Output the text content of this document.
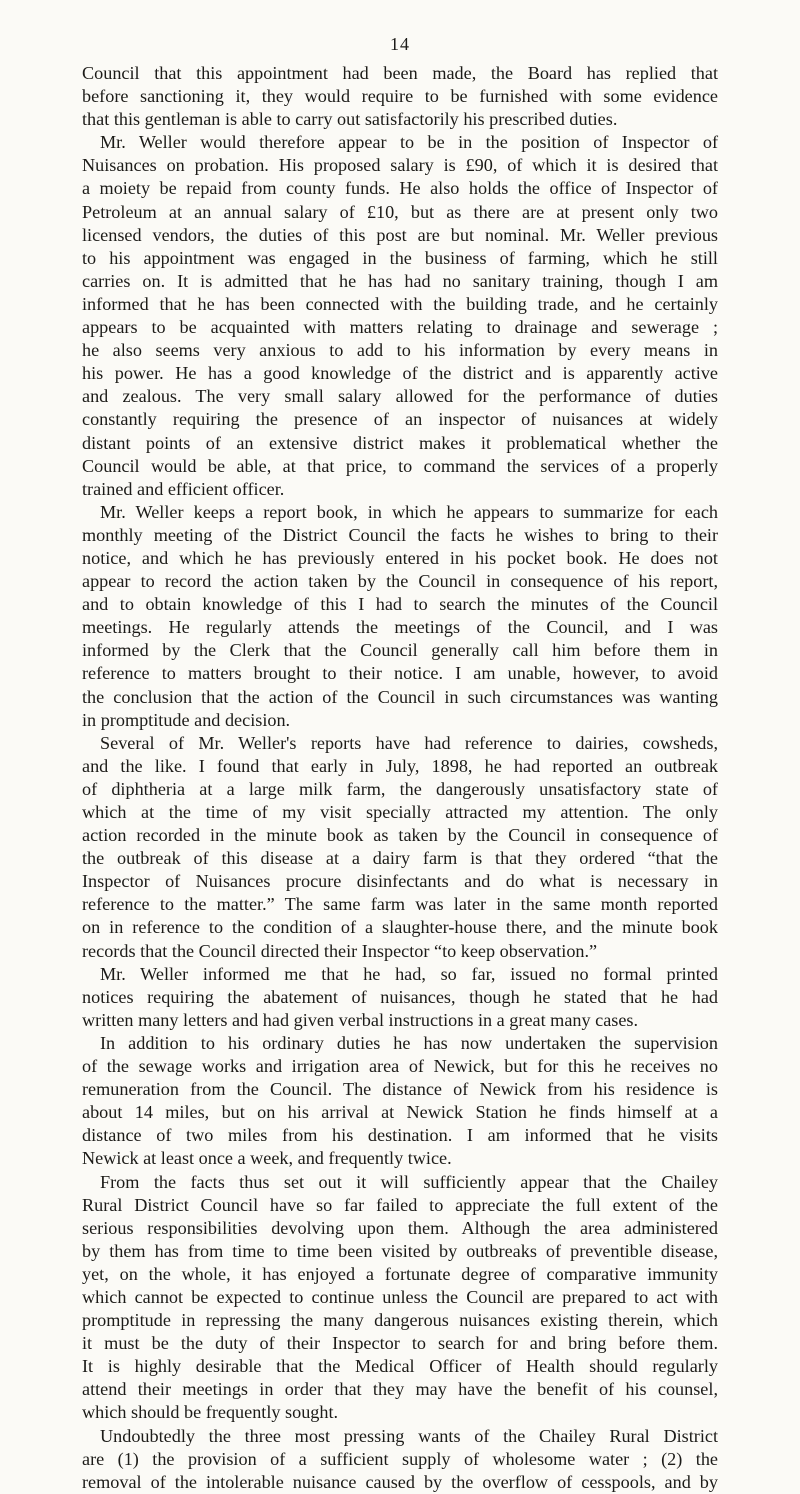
14
Council that this appointment had been made, the Board has replied that
before sanctioning it, they would require to be furnished with some evidence
that this gentleman is able to carry out satisfactorily his prescribed duties.
Mr. Weller would therefore appear to be in the position of Inspector of
Nuisances on probation. His proposed salary is £90, of which it is desired that
a moiety be repaid from county funds. He also holds the office of Inspector of
Petroleum at an annual salary of £10, but as there are at present only two
licensed vendors, the duties of this post are but nominal. Mr. Weller previous
to his appointment was engaged in the business of farming, which he still
carries on. It is admitted that he has had no sanitary training, though I am
informed that he has been connected with the building trade, and he certainly
appears to be acquainted with matters relating to drainage and sewerage ;
he also seems very anxious to add to his information by every means in
his power. He has a good knowledge of the district and is apparently active
and zealous. The very small salary allowed for the performance of duties
constantly requiring the presence of an inspector of nuisances at widely
distant points of an extensive district makes it problematical whether the
Council would be able, at that price, to command the services of a properly
trained and efficient officer.
Mr. Weller keeps a report book, in which he appears to summarize for each
monthly meeting of the District Council the facts he wishes to bring to their
notice, and which he has previously entered in his pocket book. He does not
appear to record the action taken by the Council in consequence of his report,
and to obtain knowledge of this I had to search the minutes of the Council
meetings. He regularly attends the meetings of the Council, and I was
informed by the Clerk that the Council generally call him before them in
reference to matters brought to their notice. I am unable, however, to avoid
the conclusion that the action of the Council in such circumstances was wanting
in promptitude and decision.
Several of Mr. Weller's reports have had reference to dairies, cowsheds,
and the like. I found that early in July, 1898, he had reported an outbreak
of diphtheria at a large milk farm, the dangerously unsatisfactory state of
which at the time of my visit specially attracted my attention. The only
action recorded in the minute book as taken by the Council in consequence of
the outbreak of this disease at a dairy farm is that they ordered “that the
Inspector of Nuisances procure disinfectants and do what is necessary in
reference to the matter.” The same farm was later in the same month reported
on in reference to the condition of a slaughter-house there, and the minute book
records that the Council directed their Inspector “to keep observation.”
Mr. Weller informed me that he had, so far, issued no formal printed
notices requiring the abatement of nuisances, though he stated that he had
written many letters and had given verbal instructions in a great many cases.
In addition to his ordinary duties he has now undertaken the supervision
of the sewage works and irrigation area of Newick, but for this he receives no
remuneration from the Council. The distance of Newick from his residence is
about 14 miles, but on his arrival at Newick Station he finds himself at a
distance of two miles from his destination. I am informed that he visits
Newick at least once a week, and frequently twice.
From the facts thus set out it will sufficiently appear that the Chailey
Rural District Council have so far failed to appreciate the full extent of the
serious responsibilities devolving upon them. Although the area administered
by them has from time to time been visited by outbreaks of preventible disease,
yet, on the whole, it has enjoyed a fortunate degree of comparative immunity
which cannot be expected to continue unless the Council are prepared to act with
promptitude in repressing the many dangerous nuisances existing therein, which
it must be the duty of their Inspector to search for and bring before them.
It is highly desirable that the Medical Officer of Health should regularly
attend their meetings in order that they may have the benefit of his counsel,
which should be frequently sought.
Undoubtedly the three most pressing wants of the Chailey Rural District
are (1) the provision of a sufficient supply of wholesome water ; (2) the
removal of the intolerable nuisance caused by the overflow of cesspools, and by
